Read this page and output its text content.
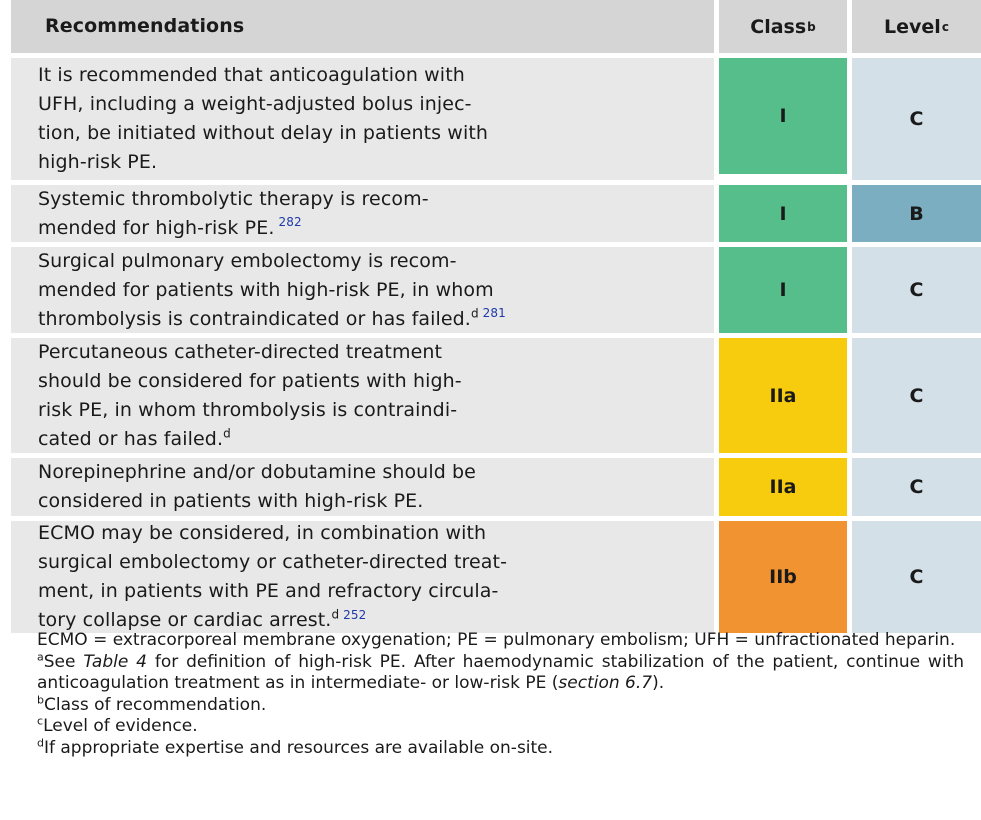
Recommendations	Class b	Level c
It is recommended that anticoagulation with
UFH, including a weight-adjusted bolus injec-
tion, be initiated without delay in patients with
high-risk PE.
I	C
Systemic thrombolytic therapy is recom-
mended for high-risk PE. $^{282}$	I	B
Surgical pulmonary embolectomy is recom-
mended for patients with high-risk PE, in whom
thrombolysis is contraindicated or has failed.$^d$ $^{281}$
I	C
Percutaneous catheter-directed treatment
should be considered for patients with high-
risk PE, in whom thrombolysis is contraindi-
cated or has failed.$^d$
IIa	C
Norepinephrine and/or dobutamine should be
considered in patients with high-risk PE.
IIa	C
ECMO may be considered, in combination with
surgical embolectomy or catheter-directed treat-
ment, in patients with PE and refractory circula-
tory collapse or cardiac arrest.$^d$ $^{252}$
IIb	C

ECMO = extracorporeal membrane oxygenation; PE = pulmonary embolism; UFH = unfractionated heparin.

$^a$See Table 4 for definition of high-risk PE. After haemodynamic stabilization of the patient, continue with anticoagulation treatment as in intermediate- or low-risk PE (section 6.7).

$^b$Class of recommendation.

$^c$Level of evidence.

$^d$If appropriate expertise and resources are available on-site.
